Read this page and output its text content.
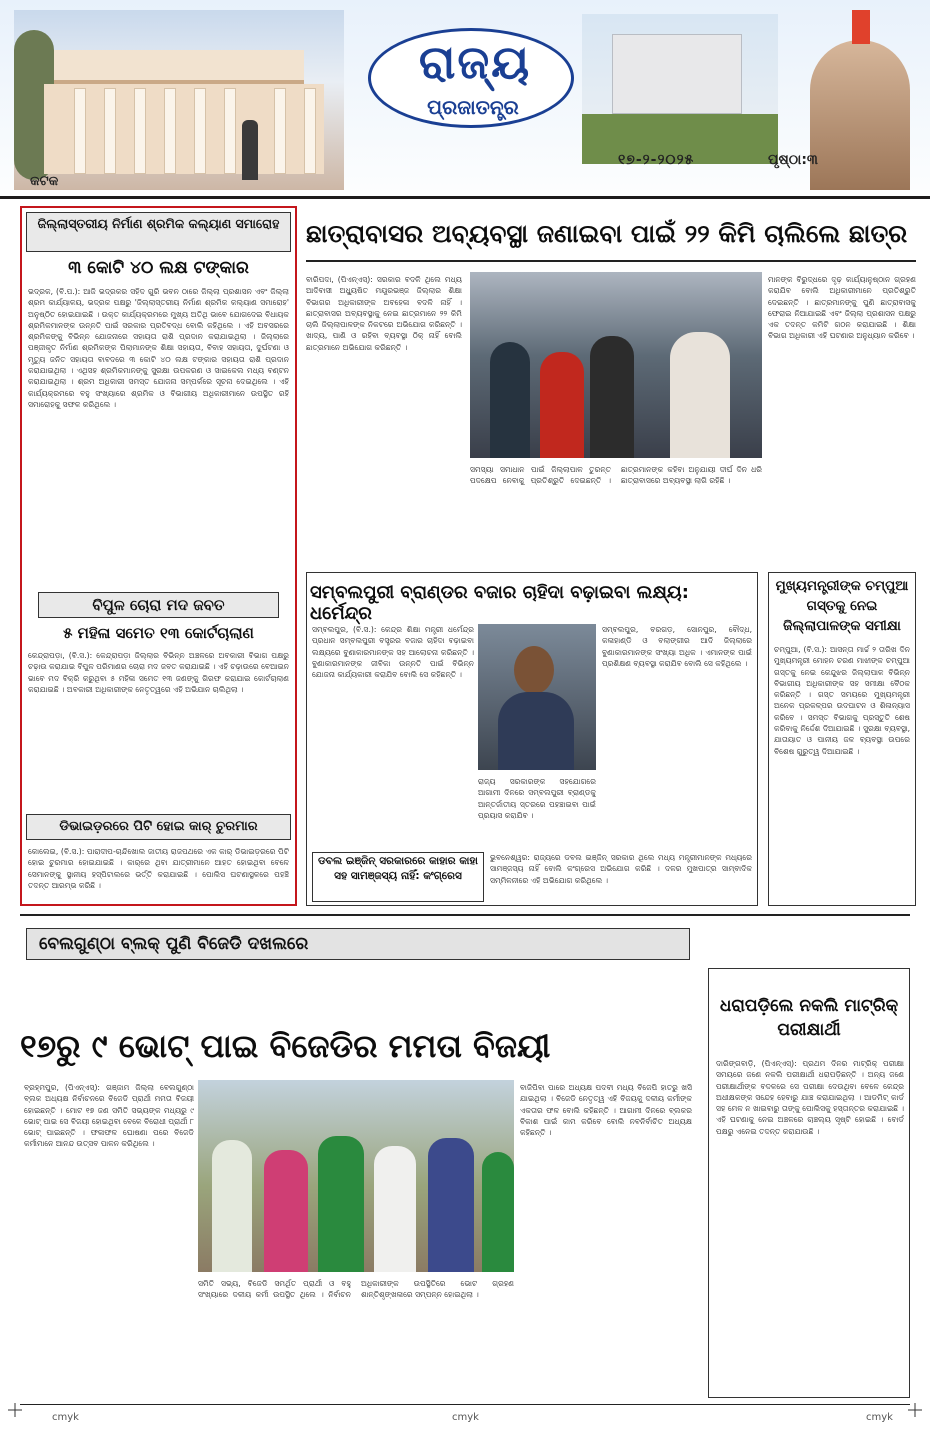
ରାଜ୍ୟ
ପ୍ରଜାତନ୍ତ୍ର
କଟକ
୧୭-୨-୨୦୨୫	ପୃଷ୍ଠା:୩
ଜିଲ୍ଲାସ୍ତରୀୟ ନିର୍ମାଣ ଶ୍ରମିକ କଲ୍ୟାଣ ସମାରୋହ
୩ କୋଟି ୪୦ ଲକ୍ଷ ଟଙ୍କାର
ଭଦ୍ରକ, (ବି.ପ.): ଆଜି ଭଦ୍ରକର ସହିଦ ଗୁରି ଭବନ ଠାରେ ଜିଲ୍ଲା ପ୍ରଶାସନ ଏବଂ ଜିଲ୍ଲା ଶ୍ରମ କାର୍ଯ୍ୟାଳୟ, ଭଦ୍ରକ ପକ୍ଷରୁ 'ଜିଲ୍ଲାସ୍ତରୀୟ ନିର୍ମାଣ ଶ୍ରମିକ କଲ୍ୟାଣ ସମାରୋହ' ଅନୁଷ୍ଠିତ ହୋଇଯାଇଛି । ଉକ୍ତ କାର୍ଯ୍ୟକ୍ରମରେ ମୁଖ୍ୟ ଅତିଥି ଭାବେ ଯୋଗଦେଇ ବିଧାୟକ ଶ୍ରମିକମାନଙ୍କ ଉନ୍ନତି ପାଇଁ ସରକାର ପ୍ରତିବଦ୍ଧ ବୋଲି କହିଥିଲେ । ଏହି ଅବସରରେ ଶ୍ରମିକଙ୍କୁ ବିଭିନ୍ନ ଯୋଜନାରେ ସହାୟତା ରାଶି ପ୍ରଦାନ କରାଯାଇଥିଲା । ଜିଲ୍ଲାରେ ପଞ୍ଜୀକୃତ ନିର୍ମାଣ ଶ୍ରମିକଙ୍କ ପିଲାମାନଙ୍କ ଶିକ୍ଷା ସହାୟତା, ବିବାହ ସହାୟତା, ଦୁର୍ଘଟଣା ଓ ମୃତ୍ୟୁ ଜନିତ ସହାୟତା ବାବଦରେ ୩ କୋଟି ୪୦ ଲକ୍ଷ ଟଙ୍କାର ସହାୟତା ରାଶି ପ୍ରଦାନ କରାଯାଇଥିଲା । ଏଥିସହ ଶ୍ରମିକମାନଙ୍କୁ ସୁରକ୍ଷା ଉପକରଣ ଓ ସାଇକେଲ ମଧ୍ୟ ବଣ୍ଟନ କରାଯାଇଥିଲା । ଶ୍ରମ ଅଧିକାରୀ ସମସ୍ତ ଯୋଜନା ସମ୍ପର୍କରେ ସୂଚନା ଦେଇଥିଲେ । ଏହି କାର୍ଯ୍ୟକ୍ରମରେ ବହୁ ସଂଖ୍ୟାରେ ଶ୍ରମିକ ଓ ବିଭାଗୀୟ ଅଧିକାରୀମାନେ ଉପସ୍ଥିତ ରହି ସମାରୋହକୁ ସଫଳ କରିଥିଲେ ।
ବିପୁଳ ଚୋରା ମଦ ଜବତ
୫ ମହିଳା ସମେତ ୧୩ କୋର୍ଟଚାଲାଣ
କେନ୍ଦ୍ରାପଡ଼ା, (ବି.ସ.): କେନ୍ଦ୍ରାପଡ଼ା ଜିଲ୍ଲାର ବିଭିନ୍ନ ଅଞ୍ଚଳରେ ଅବକାରୀ ବିଭାଗ ପକ୍ଷରୁ ଚଢ଼ାଉ କରାଯାଇ ବିପୁଳ ପରିମାଣର ଚୋରା ମଦ ଜବତ କରାଯାଇଛି । ଏହି ଚଢ଼ାଉରେ ବେଆଇନ ଭାବେ ମଦ ବିକ୍ରି କରୁଥିବା ୫ ମହିଳା ସମେତ ୧୩ ଜଣଙ୍କୁ ଗିରଫ କରାଯାଇ କୋର୍ଟଚାଲାଣ କରାଯାଇଛି । ଅବକାରୀ ଅଧିକାରୀଙ୍କ ନେତୃତ୍ୱରେ ଏହି ଅଭିଯାନ ଚାଲିଥିଲା ।
ଡିଭାଇଡ଼ରରେ ପିଟି ହୋଇ କାର୍ ଚୁରମାର
କୋଲେଇ, (ବି.ସ.): ପାରାଦୀପ-ଚାନ୍ଦିଖୋଲ ଜାତୀୟ ରାଜପଥରେ ଏକ କାର୍ ଡିଭାଇଡ଼ରରେ ପିଟି ହୋଇ ଚୁରମାର ହୋଇଯାଇଛି । କାର୍‌ରେ ଥିବା ଯାତ୍ରୀମାନେ ଆହତ ହୋଇଥିବା ବେଳେ ସେମାନଙ୍କୁ ସ୍ଥାନୀୟ ହସ୍ପିଟାଲରେ ଭର୍ତ୍ତି କରାଯାଇଛି । ପୋଲିସ ଘଟଣାସ୍ଥଳରେ ପହଞ୍ଚି ତଦନ୍ତ ଆରମ୍ଭ କରିଛି ।
ଛାତ୍ରାବାସର ଅବ୍ୟବସ୍ଥା ଜଣାଇବା ପାଇଁ ୨୨ କିମି ଚାଲିଲେ ଛାତ୍ର
ବାରିପଦା, (ପିଏନ୍‌ଏସ୍): ସରକାର ବଦଳି ଥିଲେ ମଧ୍ୟ ଆଦିବାସୀ ଅଧ୍ୟୁଷିତ ମୟୂରଭଞ୍ଜ ଜିଲ୍ଲାର ଶିକ୍ଷା ବିଭାଗର ଅଧିକାରୀଙ୍କ ଅବହେଳା ବଦଳି ନାହିଁ । ଛାତ୍ରାବାସର ଅବ୍ୟବସ୍ଥାକୁ ନେଇ ଛାତ୍ରମାନେ ୨୨ କିମି ଚାଲି ଜିଲ୍ଲାପାଳଙ୍କ ନିକଟରେ ଅଭିଯୋଗ କରିଛନ୍ତି । ଖାଦ୍ୟ, ପାଣି ଓ ରହିବା ବ୍ୟବସ୍ଥା ଠିକ୍ ନାହିଁ ବୋଲି ଛାତ୍ରମାନେ ଅଭିଯୋଗ କରିଛନ୍ତି ।
ସମସ୍ୟା ସମାଧାନ ପାଇଁ ଜିଲ୍ଲାପାଳ ତୁରନ୍ତ ପଦକ୍ଷେପ ନେବାକୁ ପ୍ରତିଶ୍ରୁତି ଦେଇଛନ୍ତି । ଛାତ୍ରମାନଙ୍କ କହିବା ଅନୁଯାୟୀ ଦୀର୍ଘ ଦିନ ଧରି ଛାତ୍ରାବାସରେ ଅବ୍ୟବସ୍ଥା ଲାଗି ରହିଛି ।
ମାନଙ୍କ ବିରୁଦ୍ଧରେ ଦୃଢ଼ କାର୍ଯ୍ୟାନୁଷ୍ଠାନ ଗ୍ରହଣ କରାଯିବ ବୋଲି ଅଧିକାରୀମାନେ ପ୍ରତିଶ୍ରୁତି ଦେଇଛନ୍ତି । ଛାତ୍ରମାନଙ୍କୁ ପୁଣି ଛାତ୍ରାବାସକୁ ଫେରାଇ ନିଆଯାଇଛି ଏବଂ ଜିଲ୍ଲା ପ୍ରଶାସନ ପକ୍ଷରୁ ଏକ ତଦନ୍ତ କମିଟି ଗଠନ କରାଯାଇଛି । ଶିକ୍ଷା ବିଭାଗ ଅଧିକାରୀ ଏହି ଘଟଣାର ଅନୁଧ୍ୟାନ କରିବେ ।
ସମ୍ବଲପୁରୀ ବ୍ରାଣ୍ଡର ବଜାର ଚାହିଦା ବଢ଼ାଇବା ଲକ୍ଷ୍ୟ: ଧର୍ମେନ୍ଦ୍ର
ସମ୍ବଲପୁର, (ବି.ସ.): କେନ୍ଦ୍ର ଶିକ୍ଷା ମନ୍ତ୍ରୀ ଧର୍ମେନ୍ଦ୍ର ପ୍ରଧାନ ସମ୍ବଲପୁରୀ ବସ୍ତ୍ରର ବଜାର ଚାହିଦା ବଢ଼ାଇବା ଲକ୍ଷ୍ୟରେ ବୁଣାକାରମାନଙ୍କ ସହ ଆଲୋଚନା କରିଛନ୍ତି । ବୁଣାକାରମାନଙ୍କ ଜୀବିକା ଉନ୍ନତି ପାଇଁ ବିଭିନ୍ନ ଯୋଜନା କାର୍ଯ୍ୟକାରୀ କରାଯିବ ବୋଲି ସେ କହିଛନ୍ତି ।
ରାଜ୍ୟ ସରକାରଙ୍କ ସହଯୋଗରେ ଆଗାମୀ ଦିନରେ ସମ୍ବଲପୁରୀ ବ୍ରାଣ୍ଡକୁ ଆନ୍ତର୍ଜାତୀୟ ସ୍ତରରେ ପହଞ୍ଚାଇବା ପାଇଁ ପ୍ରୟାସ କରାଯିବ ।
ସମ୍ବଲପୁର, ବରଗଡ଼, ସୋନପୁର, ବୌଦ୍ଧ, କଳାହାଣ୍ଡି ଓ ବଲାଙ୍ଗୀର ଆଦି ଜିଲ୍ଲାରେ ବୁଣାକାରମାନଙ୍କ ସଂଖ୍ୟା ଅଧିକ । ଏମାନଙ୍କ ପାଇଁ ପ୍ରଶିକ୍ଷଣ ବ୍ୟବସ୍ଥା କରାଯିବ ବୋଲି ସେ କହିଥିଲେ ।
ଡବଲ ଇଞ୍ଜିନ୍ ସରକାରରେ କାହାର କାହା ସହ ସାମଞ୍ଜସ୍ୟ ନାହିଁ: କଂଗ୍ରେସ
ଭୁବନେଶ୍ୱର: ରାଜ୍ୟରେ ଡବଲ ଇଞ୍ଜିନ୍ ସରକାର ଥିଲେ ମଧ୍ୟ ମନ୍ତ୍ରୀମାନଙ୍କ ମଧ୍ୟରେ ସାମଞ୍ଜସ୍ୟ ନାହିଁ ବୋଲି କଂଗ୍ରେସ ଅଭିଯୋଗ କରିଛି । ଦଳର ମୁଖପାତ୍ର ସାମ୍ବାଦିକ ସମ୍ମିଳନୀରେ ଏହି ଅଭିଯୋଗ କରିଥିଲେ ।
ମୁଖ୍ୟମନ୍ତ୍ରୀଙ୍କ ଚମ୍ପୁଆ ଗସ୍ତକୁ ନେଇ ଜିଲ୍ଲାପାଳଙ୍କ ସମୀକ୍ଷା
ଚମ୍ପୁଆ, (ବି.ସ.): ଆସନ୍ତା ମାର୍ଚ୍ଚ ୨ ତାରିଖ ଦିନ ମୁଖ୍ୟମନ୍ତ୍ରୀ ମୋହନ ଚରଣ ମାଝୀଙ୍କ ଚମ୍ପୁଆ ଗସ୍ତକୁ ନେଇ କେନ୍ଦୁଝର ଜିଲ୍ଲାପାଳ ବିଭିନ୍ନ ବିଭାଗୀୟ ଅଧିକାରୀଙ୍କ ସହ ସମୀକ୍ଷା ବୈଠକ କରିଛନ୍ତି । ଗସ୍ତ ସମୟରେ ମୁଖ୍ୟମନ୍ତ୍ରୀ ଅନେକ ପ୍ରକଳ୍ପର ଉଦଘାଟନ ଓ ଶିଳାନ୍ୟାସ କରିବେ । ସମସ୍ତ ବିଭାଗକୁ ପ୍ରସ୍ତୁତି ଶେଷ କରିବାକୁ ନିର୍ଦ୍ଦେଶ ଦିଆଯାଇଛି । ସୁରକ୍ଷା ବ୍ୟବସ୍ଥା, ଯାତାୟାତ ଓ ପାନୀୟ ଜଳ ବ୍ୟବସ୍ଥା ଉପରେ ବିଶେଷ ଗୁରୁତ୍ୱ ଦିଆଯାଇଛି ।
ବେଲଗୁଣ୍ଠା ବ୍ଲକ୍ ପୁଣି ବିଜେଡି ଦଖଲରେ
୧୭ରୁ ୯ ଭୋଟ୍ ପାଇ ବିଜେଡିର ମମତା ବିଜୟୀ
ବ୍ରହ୍ମପୁର, (ପିଏନ୍‌ଏସ୍): ଗଞ୍ଜାମ ଜିଲ୍ଲା ବେଲଗୁଣ୍ଠା ବ୍ଲକ ଅଧ୍ୟକ୍ଷ ନିର୍ବାଚନରେ ବିଜେଡି ପ୍ରାର୍ଥୀ ମମତା ବିଜୟୀ ହୋଇଛନ୍ତି । ମୋଟ ୧୭ ଜଣ ସମିତି ସଭ୍ୟଙ୍କ ମଧ୍ୟରୁ ୯ ଭୋଟ୍ ପାଇ ସେ ବିଜୟୀ ହୋଇଥିବା ବେଳେ ବିରୋଧୀ ପ୍ରାର୍ଥୀ ୮ ଭୋଟ୍ ପାଇଛନ୍ତି । ଫଳାଫଳ ଘୋଷଣା ପରେ ବିଜେଡି କର୍ମୀମାନେ ଆନନ୍ଦ ଉତ୍ସବ ପାଳନ କରିଥିଲେ ।
ସମିତି ସଭ୍ୟ, ବିଜେଡି ସମର୍ଥିତ ପ୍ରାର୍ଥୀ ଓ ବହୁ ସଂଖ୍ୟାରେ ଦଳୀୟ କର୍ମୀ ଉପସ୍ଥିତ ଥିଲେ । ନିର୍ବାଚନ ଅଧିକାରୀଙ୍କ ଉପସ୍ଥିତିରେ ଭୋଟ ଗ୍ରହଣ ଶାନ୍ତିଶୃଙ୍ଖଳାରେ ସମ୍ପନ୍ନ ହୋଇଥିଲା ।
ବାଜିପିବା ପାରେ ଅଧ୍ୟକ୍ଷ ପଦବୀ ମଧ୍ୟ ବିଜେପି ହାତରୁ ଖସି ଯାଇଥିଲା । ବିଜେଡି ନେତୃତ୍ୱ ଏହି ବିଜୟକୁ ଦଳୀୟ କର୍ମୀଙ୍କ ଏକତାର ଫଳ ବୋଲି କହିଛନ୍ତି । ଆଗାମୀ ଦିନରେ ବ୍ଲକର ବିକାଶ ପାଇଁ କାମ କରିବେ ବୋଲି ନବନିର୍ବାଚିତ ଅଧ୍ୟକ୍ଷ କହିଛନ୍ତି ।
ଧରାପଡ଼ିଲେ ନକଲି ମାଟ୍ରିକ୍ ପରୀକ୍ଷାର୍ଥୀ
ଦାରିଙ୍ଗବାଡ଼ି, (ପିଏନ୍‌ଏସ୍): ପ୍ରଥମ ଦିନର ମାଟ୍ରିକ୍ ପରୀକ୍ଷା ସମୟରେ ଜଣେ ନକଲି ପରୀକ୍ଷାର୍ଥୀ ଧରାପଡ଼ିଛନ୍ତି । ଅନ୍ୟ ଜଣେ ପରୀକ୍ଷାର୍ଥୀଙ୍କ ବଦଳରେ ସେ ପରୀକ୍ଷା ଦେଉଥିବା ବେଳେ କେନ୍ଦ୍ର ଅଧୀକ୍ଷକଙ୍କ ସନ୍ଦେହ ହେବାରୁ ଯାଞ୍ଚ କରାଯାଇଥିଲା । ଆଡମିଟ୍ କାର୍ଡ ସହ ମେଳ ନ ଖାଇବାରୁ ତାଙ୍କୁ ପୋଲିସକୁ ହସ୍ତାନ୍ତର କରାଯାଇଛି । ଏହି ଘଟଣାକୁ ନେଇ ଅଞ୍ଚଳରେ ଚାଞ୍ଚଲ୍ୟ ସୃଷ୍ଟି ହୋଇଛି । ବୋର୍ଡ ପକ୍ଷରୁ ଏନେଇ ତଦନ୍ତ କରାଯାଉଛି ।
cmyk	cmyk	cmyk
